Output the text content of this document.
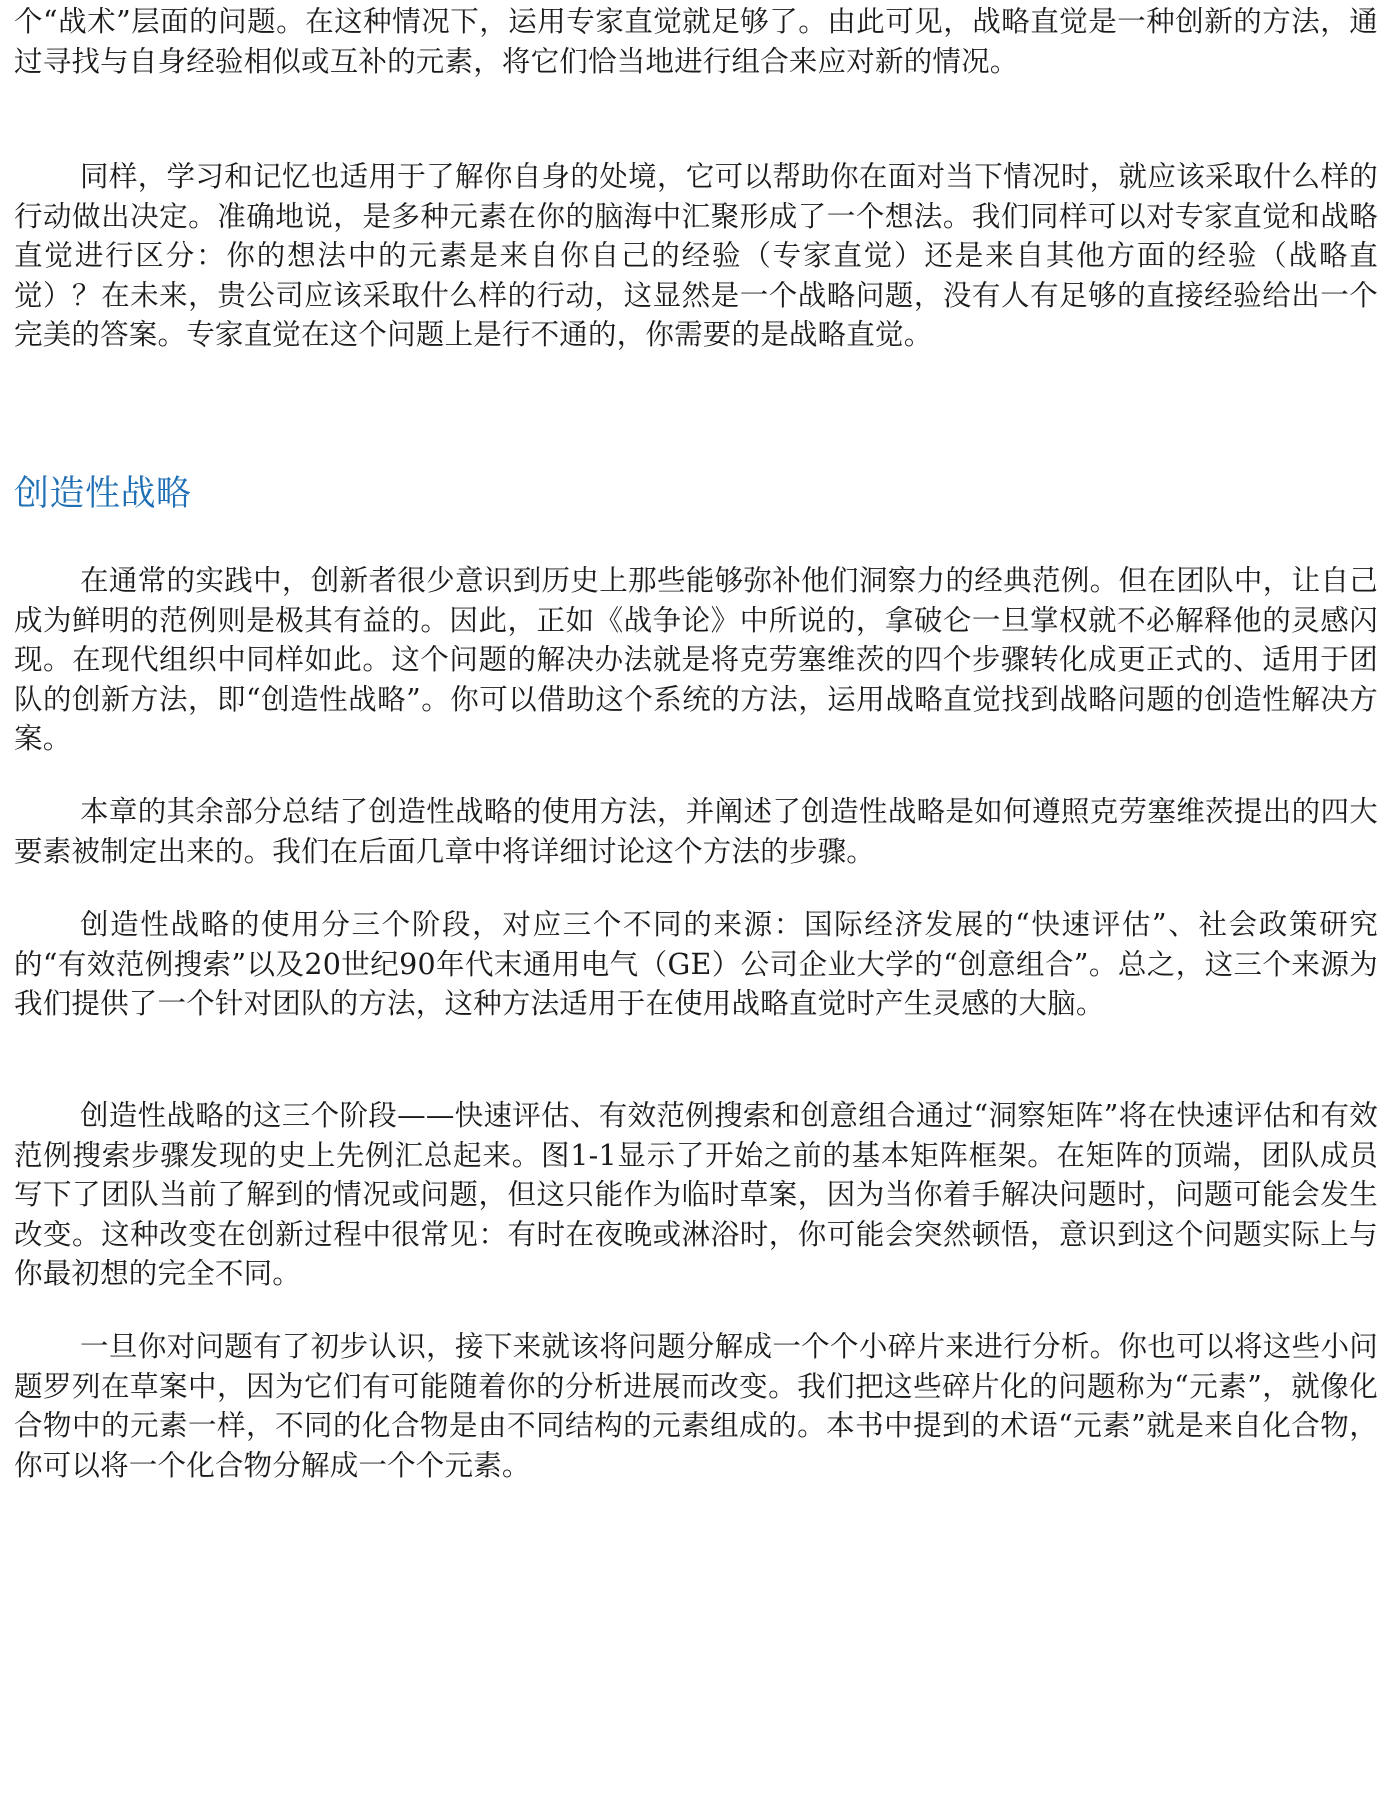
个“战术”层面的问题。在这种情况下，运用专家直觉就足够了。由此可见，战略直觉是一种创新的方法，通过寻找与自身经验相似或互补的元素，将它们恰当地进行组合来应对新的情况。

同样，学习和记忆也适用于了解你自身的处境，它可以帮助你在面对当下情况时，就应该采取什么样的行动做出决定。准确地说，是多种元素在你的脑海中汇聚形成了一个想法。我们同样可以对专家直觉和战略直觉进行区分：你的想法中的元素是来自你自己的经验（专家直觉）还是来自其他方面的经验（战略直觉）？在未来，贵公司应该采取什么样的行动，这显然是一个战略问题，没有人有足够的直接经验给出一个完美的答案。专家直觉在这个问题上是行不通的，你需要的是战略直觉。

创造性战略

在通常的实践中，创新者很少意识到历史上那些能够弥补他们洞察力的经典范例。但在团队中，让自己成为鲜明的范例则是极其有益的。因此，正如《战争论》中所说的，拿破仑一旦掌权就不必解释他的灵感闪现。在现代组织中同样如此。这个问题的解决办法就是将克劳塞维茨的四个步骤转化成更正式的、适用于团队的创新方法，即“创造性战略”。你可以借助这个系统的方法，运用战略直觉找到战略问题的创造性解决方案。

本章的其余部分总结了创造性战略的使用方法，并阐述了创造性战略是如何遵照克劳塞维茨提出的四大要素被制定出来的。我们在后面几章中将详细讨论这个方法的步骤。

创造性战略的使用分三个阶段，对应三个不同的来源：国际经济发展的“快速评估”、社会政策研究的“有效范例搜索”以及20世纪90年代末通用电气（GE）公司企业大学的“创意组合”。总之，这三个来源为我们提供了一个针对团队的方法，这种方法适用于在使用战略直觉时产生灵感的大脑。

创造性战略的这三个阶段——快速评估、有效范例搜索和创意组合通过“洞察矩阵”将在快速评估和有效范例搜索步骤发现的史上先例汇总起来。图1-1显示了开始之前的基本矩阵框架。在矩阵的顶端，团队成员写下了团队当前了解到的情况或问题，但这只能作为临时草案，因为当你着手解决问题时，问题可能会发生改变。这种改变在创新过程中很常见：有时在夜晚或淋浴时，你可能会突然顿悟，意识到这个问题实际上与你最初想的完全不同。

一旦你对问题有了初步认识，接下来就该将问题分解成一个个小碎片来进行分析。你也可以将这些小问题罗列在草案中，因为它们有可能随着你的分析进展而改变。我们把这些碎片化的问题称为“元素”，就像化合物中的元素一样，不同的化合物是由不同结构的元素组成的。本书中提到的术语“元素”就是来自化合物，你可以将一个化合物分解成一个个元素。
